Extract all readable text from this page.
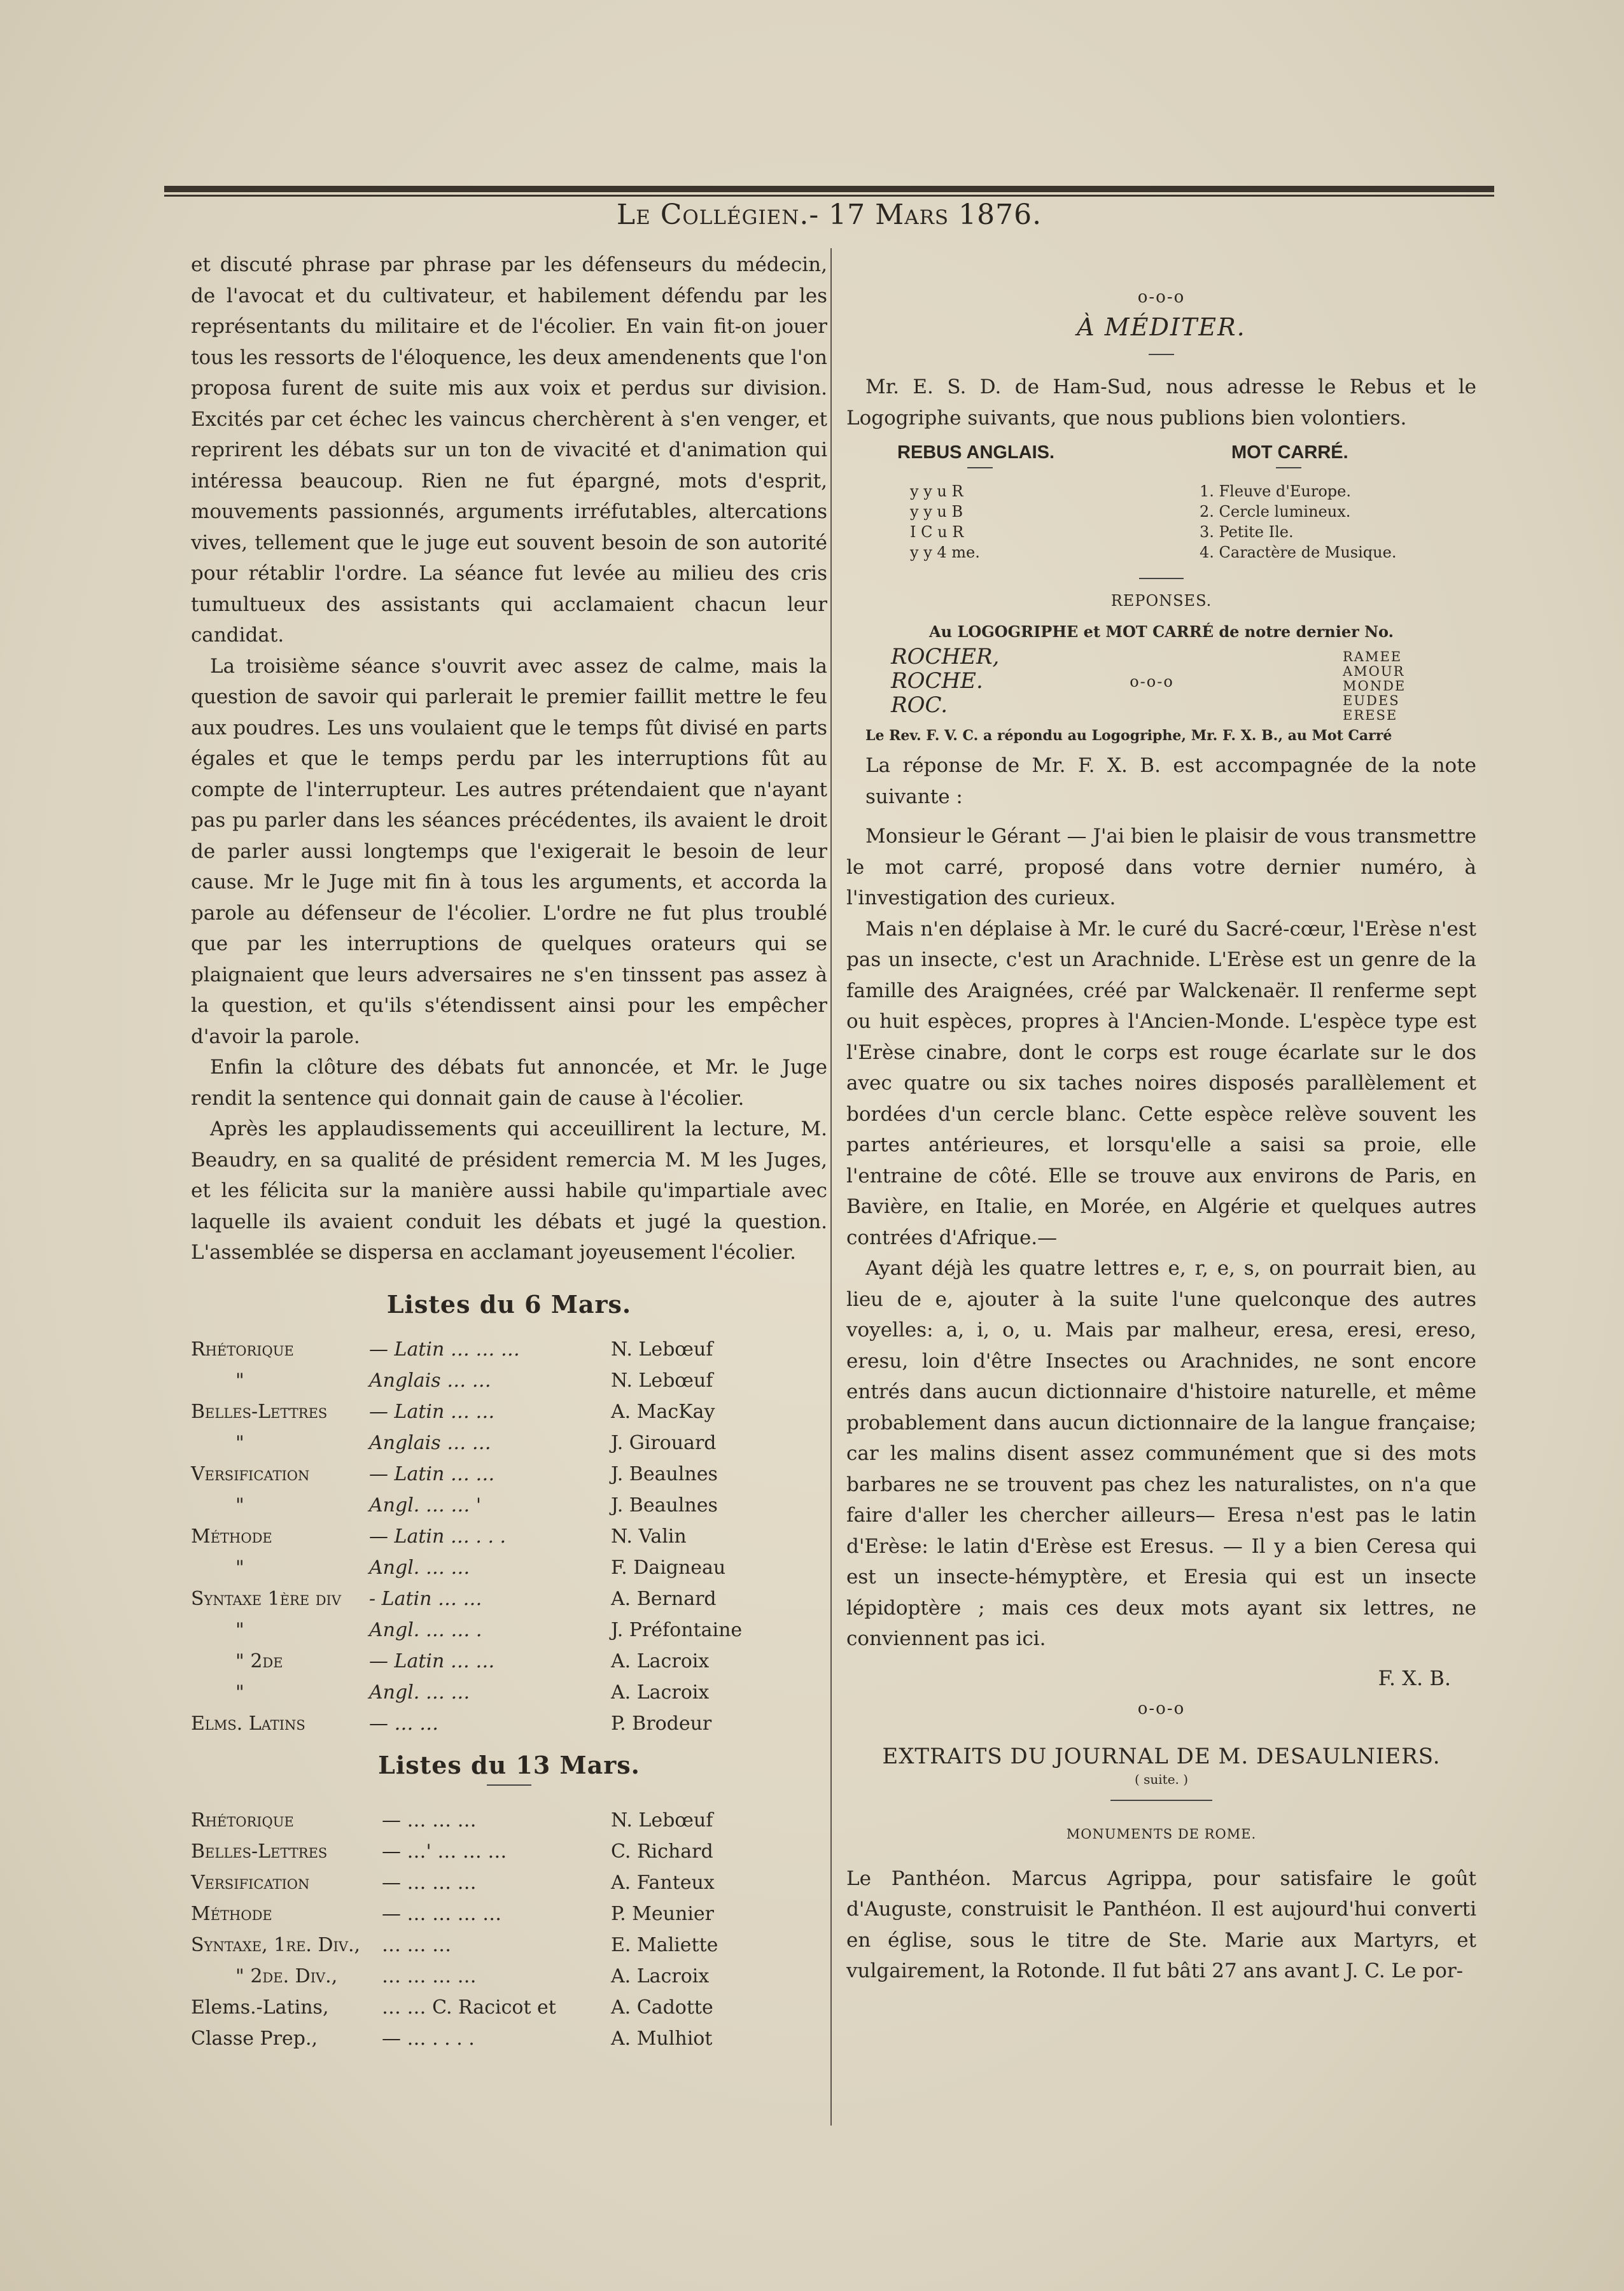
Le Collégien.- 17 Mars 1876.

et discuté phrase par phrase par les défenseurs du médecin, de l'avocat et du cultivateur, et habilement défendu par les représentants du militaire et de l'écolier. En vain fit-on jouer tous les ressorts de l'éloquence, les deux amendenents que l'on proposa furent de suite mis aux voix et perdus sur division. Excités par cet échec les vaincus cherchèrent à s'en venger, et reprirent les débats sur un ton de vivacité et d'animation qui intéressa beaucoup. Rien ne fut épargné, mots d'esprit, mouvements passionnés, arguments irréfutables, altercations vives, tellement que le juge eut souvent besoin de son autorité pour rétablir l'ordre. La séance fut levée au milieu des cris tumultueux des assistants qui acclamaient chacun leur candidat.

La troisième séance s'ouvrit avec assez de calme, mais la question de savoir qui parlerait le premier faillit mettre le feu aux poudres. Les uns voulaient que le temps fût divisé en parts égales et que le temps perdu par les interruptions fût au compte de l'interrupteur. Les autres prétendaient que n'ayant pas pu parler dans les séances précédentes, ils avaient le droit de parler aussi longtemps que l'exigerait le besoin de leur cause. Mr le Juge mit fin à tous les arguments, et accorda la parole au défenseur de l'écolier. L'ordre ne fut plus troublé que par les interruptions de quelques orateurs qui se plaignaient que leurs adversaires ne s'en tinssent pas assez à la question, et qu'ils s'étendissent ainsi pour les empêcher d'avoir la parole.

Enfin la clôture des débats fut annoncée, et Mr. le Juge rendit la sentence qui donnait gain de cause à l'écolier.

Après les applaudissements qui acceuillirent la lecture, M. Beaudry, en sa qualité de président remercia M. M les Juges, et les félicita sur la manière aussi habile qu'impartiale avec laquelle ils avaient conduit les débats et jugé la question. L'assemblée se dispersa en acclamant joyeusement l'écolier.

Listes du 6 Mars.
Rhétorique	— Latin … … …	N. Lebœuf
"	Anglais … …	N. Lebœuf
Belles-Lettres	— Latin … …	A. MacKay
"	Anglais … …	J. Girouard
Versification	— Latin … …	J. Beaulnes
"	Angl. … … '	J. Beaulnes
Méthode	— Latin … . . .	N. Valin
"	Angl. … …	F. Daigneau
Syntaxe 1ère div	- Latin … …	A. Bernard
"	Angl. … … .	J. Préfontaine
" 2de	— Latin … …	A. Lacroix
"	Angl. … …	A. Lacroix
Elms. Latins	— … …	P. Brodeur
Listes du 13 Mars.
Rhétorique	— … … …	N. Lebœuf
Belles-Lettres	— …' … … …	C. Richard
Versification	— … … …	A. Fanteux
Méthode	— … … … …	P. Meunier
Syntaxe, 1re. Div.,	… … …	E. Maliette
" 2de. Div.,	… … … …	A. Lacroix
Elems.-Latins,	… … C. Racicot et	A. Cadotte
Classe Prep.,	— … . . . .	A. Mulhiot
o-o-o
À MÉDITER.

Mr. E. S. D. de Ham-Sud, nous adresse le Rebus et le Logogriphe suivants, que nous publions bien volontiers.

REBUS ANGLAIS.
y y u R
y y u B
I C u R
y y 4 me.
MOT CARRÉ.
1. Fleuve d'Europe.
2. Cercle lumineux.
3. Petite Ile.
4. Caractère de Musique.
REPONSES.
Au LOGOGRIPHE et MOT CARRÉ de notre dernier No.
ROCHER,
ROCHE.
ROC.
o-o-o
RAMEE
AMOUR
MONDE
EUDES
ERESE
Le Rev. F. V. C. a répondu au Logogriphe, Mr. F. X. B., au Mot Carré

La réponse de Mr. F. X. B. est accompagnée de la note suivante :

Monsieur le Gérant — J'ai bien le plaisir de vous transmettre le mot carré, proposé dans votre dernier numéro, à l'investigation des curieux.

Mais n'en déplaise à Mr. le curé du Sacré-cœur, l'Erèse n'est pas un insecte, c'est un Arachnide. L'Erèse est un genre de la famille des Araignées, créé par Walckenaër. Il renferme sept ou huit espèces, propres à l'Ancien-Monde. L'espèce type est l'Erèse cinabre, dont le corps est rouge écarlate sur le dos avec quatre ou six taches noires disposés parallèlement et bordées d'un cercle blanc. Cette espèce relève souvent les partes antérieures, et lorsqu'elle a saisi sa proie, elle l'entraine de côté. Elle se trouve aux environs de Paris, en Bavière, en Italie, en Morée, en Algérie et quelques autres contrées d'Afrique.—

Ayant déjà les quatre lettres e, r, e, s, on pourrait bien, au lieu de e, ajouter à la suite l'une quelconque des autres voyelles: a, i, o, u. Mais par malheur, eresa, eresi, ereso, eresu, loin d'être Insectes ou Arachnides, ne sont encore entrés dans aucun dictionnaire d'histoire naturelle, et même probablement dans aucun dictionnaire de la langue française; car les malins disent assez communément que si des mots barbares ne se trouvent pas chez les naturalistes, on n'a que faire d'aller les chercher ailleurs— Eresa n'est pas le latin d'Erèse: le latin d'Erèse est Eresus. — Il y a bien Ceresa qui est un insecte-hémyptère, et Eresia qui est un insecte lépidoptère ; mais ces deux mots ayant six lettres, ne conviennent pas ici.

F. X. B.
o-o-o
EXTRAITS DU JOURNAL DE M. DESAULNIERS.
( suite. )
MONUMENTS DE ROME.

Le Panthéon. Marcus Agrippa, pour satisfaire le goût d'Auguste, construisit le Panthéon. Il est aujourd'hui converti en église, sous le titre de Ste. Marie aux Martyrs, et vulgairement, la Rotonde. Il fut bâti 27 ans avant J. C. Le por-
